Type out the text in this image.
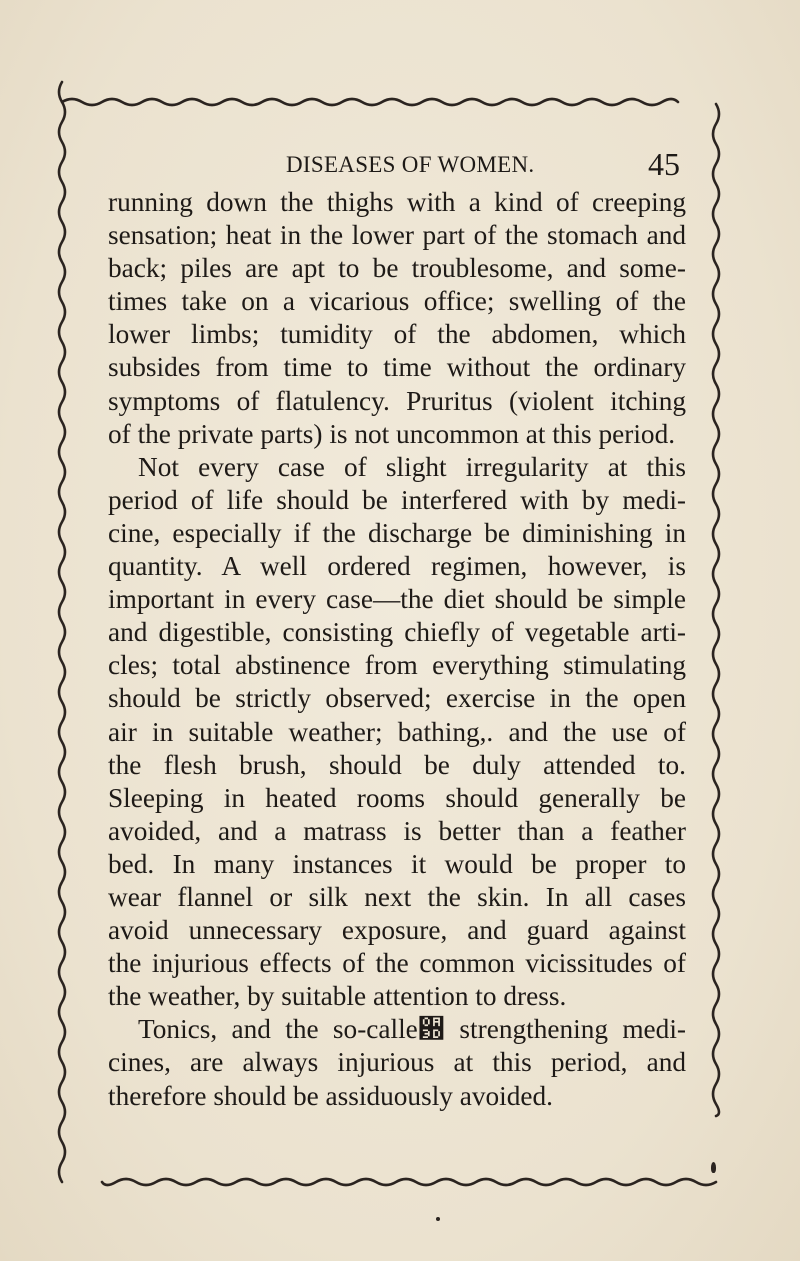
DISEASES OF WOMEN.	45
running down the thighs with a kind of creeping
sensation; heat in the lower part of the stomach and
back; piles are apt to be troublesome, and some-
times take on a vicarious office; swelling of the
lower limbs; tumidity of the abdomen, which
subsides from time to time without the ordinary
symptoms of flatulency. Pruritus (violent itching
of the private parts) is not uncommon at this period.
Not every case of slight irregularity at this
period of life should be interfered with by medi-
cine, especially if the discharge be diminishing in
quantity. A well ordered regimen, however, is
important in every case—the diet should be simple
and digestible, consisting chiefly of vegetable arti-
cles; total abstinence from everything stimulating
should be strictly observed; exercise in the open
air in suitable weather; bathing,. and the use of
the flesh brush, should be duly attended to.
Sleeping in heated rooms should generally be
avoided, and a matrass is better than a feather
bed. In many instances it would be proper to
wear flannel or silk next the skin. In all cases
avoid unnecessary exposure, and guard against
the injurious effects of the common vicissitudes of
the weather, by suitable attention to dress.
Tonics, and the so-calle਽ strengthening medi-
cines, are always injurious at this period, and
therefore should be assiduously avoided.
